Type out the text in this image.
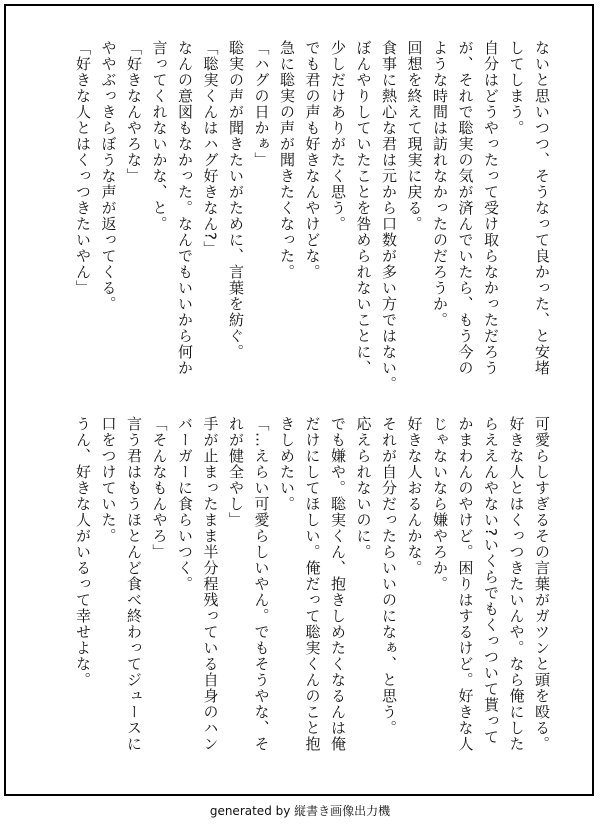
ないと思いつつ、そうなって良かった、と安堵
してしまう。
自分はどうやったって受け取らなかっただろう
が、それで聡実の気が済んでいたら、もう今の
ような時間は訪れなかったのだろうか。
回想を終えて現実に戻る。
食事に熱心な君は元から口数が多い方ではない。
ぼんやりしていたことを咎められないことに、
少しだけありがたく思う。
でも君の声も好きなんやけどな。
急に聡実の声が聞きたくなった。
「ハグの日かぁ」
聡実の声が聞きたいがために、言葉を紡ぐ。
「聡実くんはハグ好きなん?」
なんの意図もなかった。なんでもいいから何か
言ってくれないかな、と。
「好きなんやろな」
ややぶっきらぼうな声が返ってくる。
「好きな人とはくっつきたいやん」
可愛らしすぎるその言葉がガツンと頭を殴る。
好きな人とはくっつきたいんや。なら俺にした
らええんやない?いくらでもくっついて貰って
かまわんのやけど。困りはするけど。好きな人
じゃないなら嫌やろか。
好きな人おるんかな。
それが自分だったらいいのになぁ、と思う。
応えられないのに。
でも嫌や。聡実くん、抱きしめたくなるんは俺
だけにしてほしい。俺だって聡実くんのこと抱
きしめたい。
「…えらい可愛らしいやん。でもそうやな、そ
れが健全やし」
手が止まったまま半分程残っている自身のハン
バーガーに食らいつく。
「そんなもんやろ」
言う君はもうほとんど食べ終わってジュースに
口をつけていた。
うん、好きな人がいるって幸せよな。
generated by 縦書き画像出力機
